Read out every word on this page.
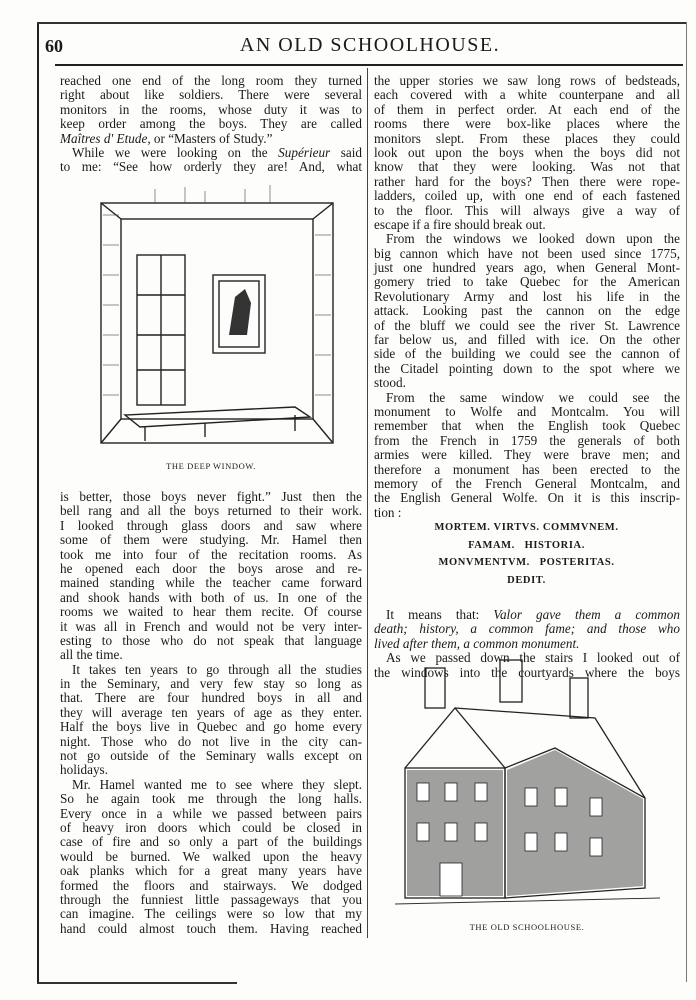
60	AN OLD SCHOOLHOUSE.
reached one end of the long room they turned
right about like soldiers. There were several
monitors in the rooms, whose duty it was to
keep order among the boys. They are called
Maîtres d' Etude, or “Masters of Study.”
While we were looking on the Supérieur said
to me: “See how orderly they are! And, what
THE DEEP WINDOW.
is better, those boys never fight.” Just then the
bell rang and all the boys returned to their work.
I looked through glass doors and saw where
some of them were studying. Mr. Hamel then
took me into four of the recitation rooms. As
he opened each door the boys arose and re-
mained standing while the teacher came forward
and shook hands with both of us. In one of the
rooms we waited to hear them recite. Of course
it was all in French and would not be very inter-
esting to those who do not speak that language
all the time.
It takes ten years to go through all the studies
in the Seminary, and very few stay so long as
that. There are four hundred boys in all and
they will average ten years of age as they enter.
Half the boys live in Quebec and go home every
night. Those who do not live in the city can-
not go outside of the Seminary walls except on
holidays.
Mr. Hamel wanted me to see where they slept.
So he again took me through the long halls.
Every once in a while we passed between pairs
of heavy iron doors which could be closed in
case of fire and so only a part of the buildings
would be burned. We walked upon the heavy
oak planks which for a great many years have
formed the floors and stairways. We dodged
through the funniest little passageways that you
can imagine. The ceilings were so low that my
hand could almost touch them. Having reached
the upper stories we saw long rows of bedsteads,
each covered with a white counterpane and all
of them in perfect order. At each end of the
rooms there were box-like places where the
monitors slept. From these places they could
look out upon the boys when the boys did not
know that they were looking. Was not that
rather hard for the boys? Then there were rope-
ladders, coiled up, with one end of each fastened
to the floor. This will always give a way of
escape if a fire should break out.
From the windows we looked down upon the
big cannon which have not been used since 1775,
just one hundred years ago, when General Mont-
gomery tried to take Quebec for the American
Revolutionary Army and lost his life in the
attack. Looking past the cannon on the edge
of the bluff we could see the river St. Lawrence
far below us, and filled with ice. On the other
side of the building we could see the cannon of
the Citadel pointing down to the spot where we
stood.
From the same window we could see the
monument to Wolfe and Montcalm. You will
remember that when the English took Quebec
from the French in 1759 the generals of both
armies were killed. They were brave men; and
therefore a monument has been erected to the
memory of the French General Montcalm, and
the English General Wolfe. On it is this inscrip-
tion :
MORTEM. VIRTVS. COMMVNEM.
FAMAM.   HISTORIA.
MONVMENTVM.   POSTERITAS.
DEDIT.
It means that: Valor gave them a common
death; history, a common fame; and those who
lived after them, a common monument.
As we passed down the stairs I looked out of
the windows into the courtyards where the boys
THE OLD SCHOOLHOUSE.
